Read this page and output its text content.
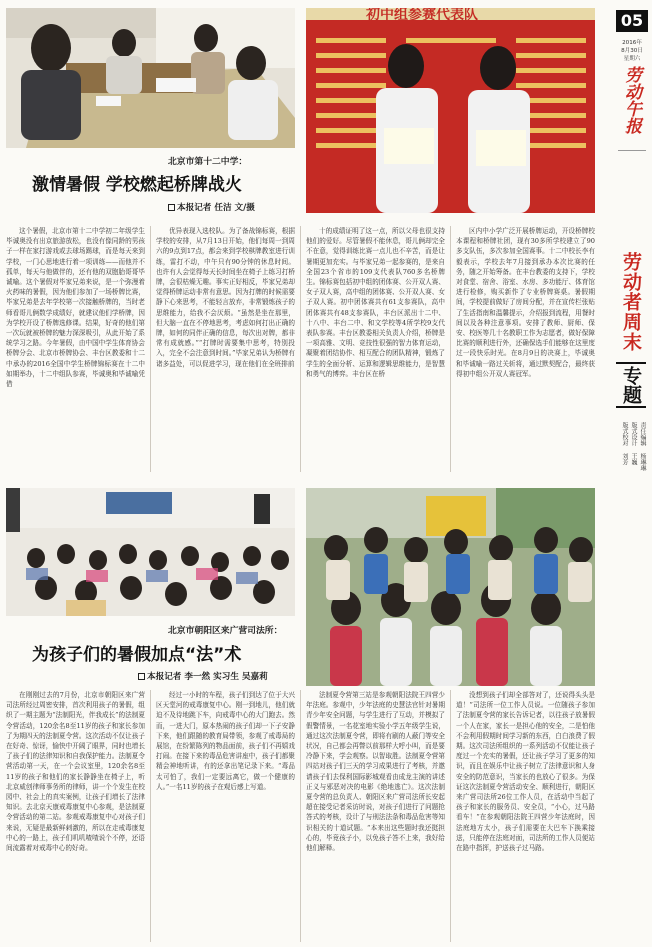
初中组参赛代表队
北京市第十二中学：
激情暑假 学校燃起桥牌战火
本报记者 任洁 文/摄
这个暑假，北京市第十二中学初二年级学生毕诚奥没有出京旅游放松，也没有像同龄的男孩子一样在家打游戏或去球场踢球，而是每天来到学校，一门心思地进行着一项训练——而他并不孤单，每天与他做伴的，还有他的双胞胎哥哥毕诚喻。这个暑假对毕家兄弟来说，是一个弥漫着火药味的暑假，因为他们参加了一场桥牌比赛，毕家兄弟是去年学校第一次接触桥牌的，当时老师看哥儿俩数学成绩好，就建议他们学桥牌，因为学校开设了桥牌选修课。结果，好奇的他们第一次玩就被桥牌的魅力深深吸引，从此开始了系统学习之路。今年暑假，由中国中学生体育协会桥牌分会、北京市桥牌协会、丰台区教委和十二中承办的2016全国中学生桥牌锦标赛在十二中如期举办，十二中组队参赛，毕诚奥和毕诚喻凭借
优异表现入选校队。为了备战锦标赛，根据学校的安排，从7月13日开始，他们每周一到周六的9点到17点，都会来到学校棋牌教室进行训练，雷打不动，中午只有90分钟的休息时间。也许有人会觉得每天长时间坐在椅子上练习打桥牌，会很枯燥无趣。事实正好相反，毕家兄弟却觉得桥牌运动非常有意思。因为打牌的时候需要静下心来思考，不能轻言放弃，非常锻炼孩子的思维能力，给我不会厌烦。“虽然是坐在那里，但大脑一直在不停地思考，考虑如何打出正确的牌，如何的同伴正确的信息，每次出对牌，都非常有成就感。”“打牌时需要集中思考，特别投入，完全不会注意到时间。”毕家兄弟认为桥牌有诸多益处，可以促进学习，现在他们在全班排前
十的成绩证明了这一点，所以父母也很支持他们的爱好。尽管暑假不能休息，哥儿俩却完全不在意，觉得训练比赛一点儿也不辛苦，而是让暑期更加充实。与毕家兄弟一起参赛的，是来自全国23个省市的109支代表队760多名桥牌生。锦标赛包括初中组的团体赛、公开双人赛、女子双人赛，高中组的团体赛、公开双人赛、女子双人赛。初中团体赛共有61支参赛队，高中团体赛共有48支参赛队，丰台区派出十二中、十八中、丰台二中、和文学校等4所学校9支代表队参赛。丰台区教委相关负责人介绍，桥牌是一项高雅、文明、竞技性很强的智力体育运动，凝聚着团结协作、相互配合的团队精神，锻炼了学生的全面分析、运算和逻辑思维能力，是智慧和勇气的博弈。丰台区在桥
区内中小学广泛开展桥牌运动，开设桥牌校本课程和桥牌社团，现有30多所学校建立了90多支队伍，多次参加全国赛事。十二中校长李有毅表示，学校去年7月接到承办本次比赛的任务，随之开始筹备。在丰台教委的支持下，学校对食堂、宿舍、浴室、水房、多功能厅、体育馆进行检修，购买新作了专业桥牌赛桌。暑假期间，学校提前做好了房间分配，并在宣传栏张贴了生活指南和温馨提示，介绍报到流程，用餐时间以及各种注意事项。安排了教师、厨师、保安、校医等几十名教职工作为志愿者，做好保障比赛的顺利进行外，还确保选手们能够在这里度过一段快乐时光。在8月9日的决赛上，毕诚奥和毕诚喻一路过关斩将，通过默契配合，最终获得初中组公开双人赛冠军。
北京市朝阳区来广营司法所：
为孩子们的暑假加点“法”术
本报记者 李一然 实习生 吴嘉莉
在刚刚过去的7月份，北京市朝阳区来广营司法所经过周密安排，首次利用孩子的暑假，组织了一期主题为“法制阳光，伴我成长”的法制夏令营活动，120余名8至11岁的孩子和家长参加了为期四天的法制夏令营。这次活动不仅让孩子在好奇、惊讶，愉快中开阔了眼界，同时也增长了孩子们的法律知识和自我保护能力。法制夏令营活动第一天，在一个会议室里，120余名8至11岁的孩子和他们的家长静静坐在椅子上，听北京威创律师事务所的律师，讲一个个发生在校园中、社会上的真实案例，让孩子们增长了法律知识。去北京天康戒毒康复中心参观，是法制夏令营活动的第二站。参观戒毒康复中心对孩子们来说，无疑是最新鲜刺激的，所以在走戒毒康复中心的一路上，孩子们叽叽喳喳说个不停，还语间流露着对戒毒中心的好奇。
经过一小时的车程，孩子们到达了位于大兴区天堂河的戒毒康复中心。刚一到地儿，他们就迫不及待地跳下车，向戒毒中心的大门跑去。然而，一进大门，原本热闹的孩子们却一下子安静下来，他们跟随的教育局带领，参观了戒毒局的展馆，在纷繁陈列的物品面前，孩子们不再嬉戏打闹。在接下来的毒品危害讲座中，孩子们都聚精会神地听讲，有的还拿出笔记录下来。“毒品太可怕了，我们一定要远离它，做一个健康的人。”一名11岁的孩子在观后感上写道。
法制夏令营第三站是参观朝阳法院王四营少年法庭。参观中，少年法庭的史慧法官针对暑期青少年安全问题，与学生进行了互动，并模拟了假警情景，一名花室地实验小学五年级学生说，通过这次法制夏令营，即将有刷的人蔽门等安全状况，自己都会再瞥以前那样大呼小叫，而是要冷静下来，学会观察。以智取胜。法制夏令营第四站对孩子们三天的学习成果进行了考核，并邀请孩子们去保利国际影城观看由成龙主演的讲述正义与邪恶对决的电影《绝地逃亡》。这次法制夏令营的总负责人、朝阳区来广营司法所长安起超在接受记者采访时说，对孩子们进行了问题抢答式的考核，设计了与刑法法条和毒品危害等知识相关的十道试题。“本来出这些题时我还挺担心的，毕竟孩子小，以免孩子答不上来，我好给他们解释。
没想到孩子们却全部答对了，还说得头头是道！”司法所一位工作人员说。一位随孩子参加了法制夏令营的家长告诉记者，以往孩子放暑假一个人在家，家长一是担心他的安全，二是怕他不会利用假期时间学习新的东西，白白浪费了假期。这次司法所组织的一系列活动不仅能让孩子度过一个充实的暑假，还让孩子学习了更多的知识，而且在娱乐中让孩子树立了法律意识和人身安全的防范意识，当家长的也放心了很多。为保证这次法制夏令营活动安全、顺利进行，朝阳区来广营司法所26位工作人员，在活动中当起了孩子和家长的服务员、安全员，“小心，过马路看车！”在参观朝阳法院王四营少年法庭时，因法庭地方太小，孩子们需要在大巴车下换乘接送，只能停在法庭对面，司法所的工作人员便站在路中指挥，护送孩子过马路。
05
2016年
8月30日
星期六
劳动午报
劳动者周末
专题
责任编辑 杨琳琳
版式设计 王巍
版式校对 刘芳
